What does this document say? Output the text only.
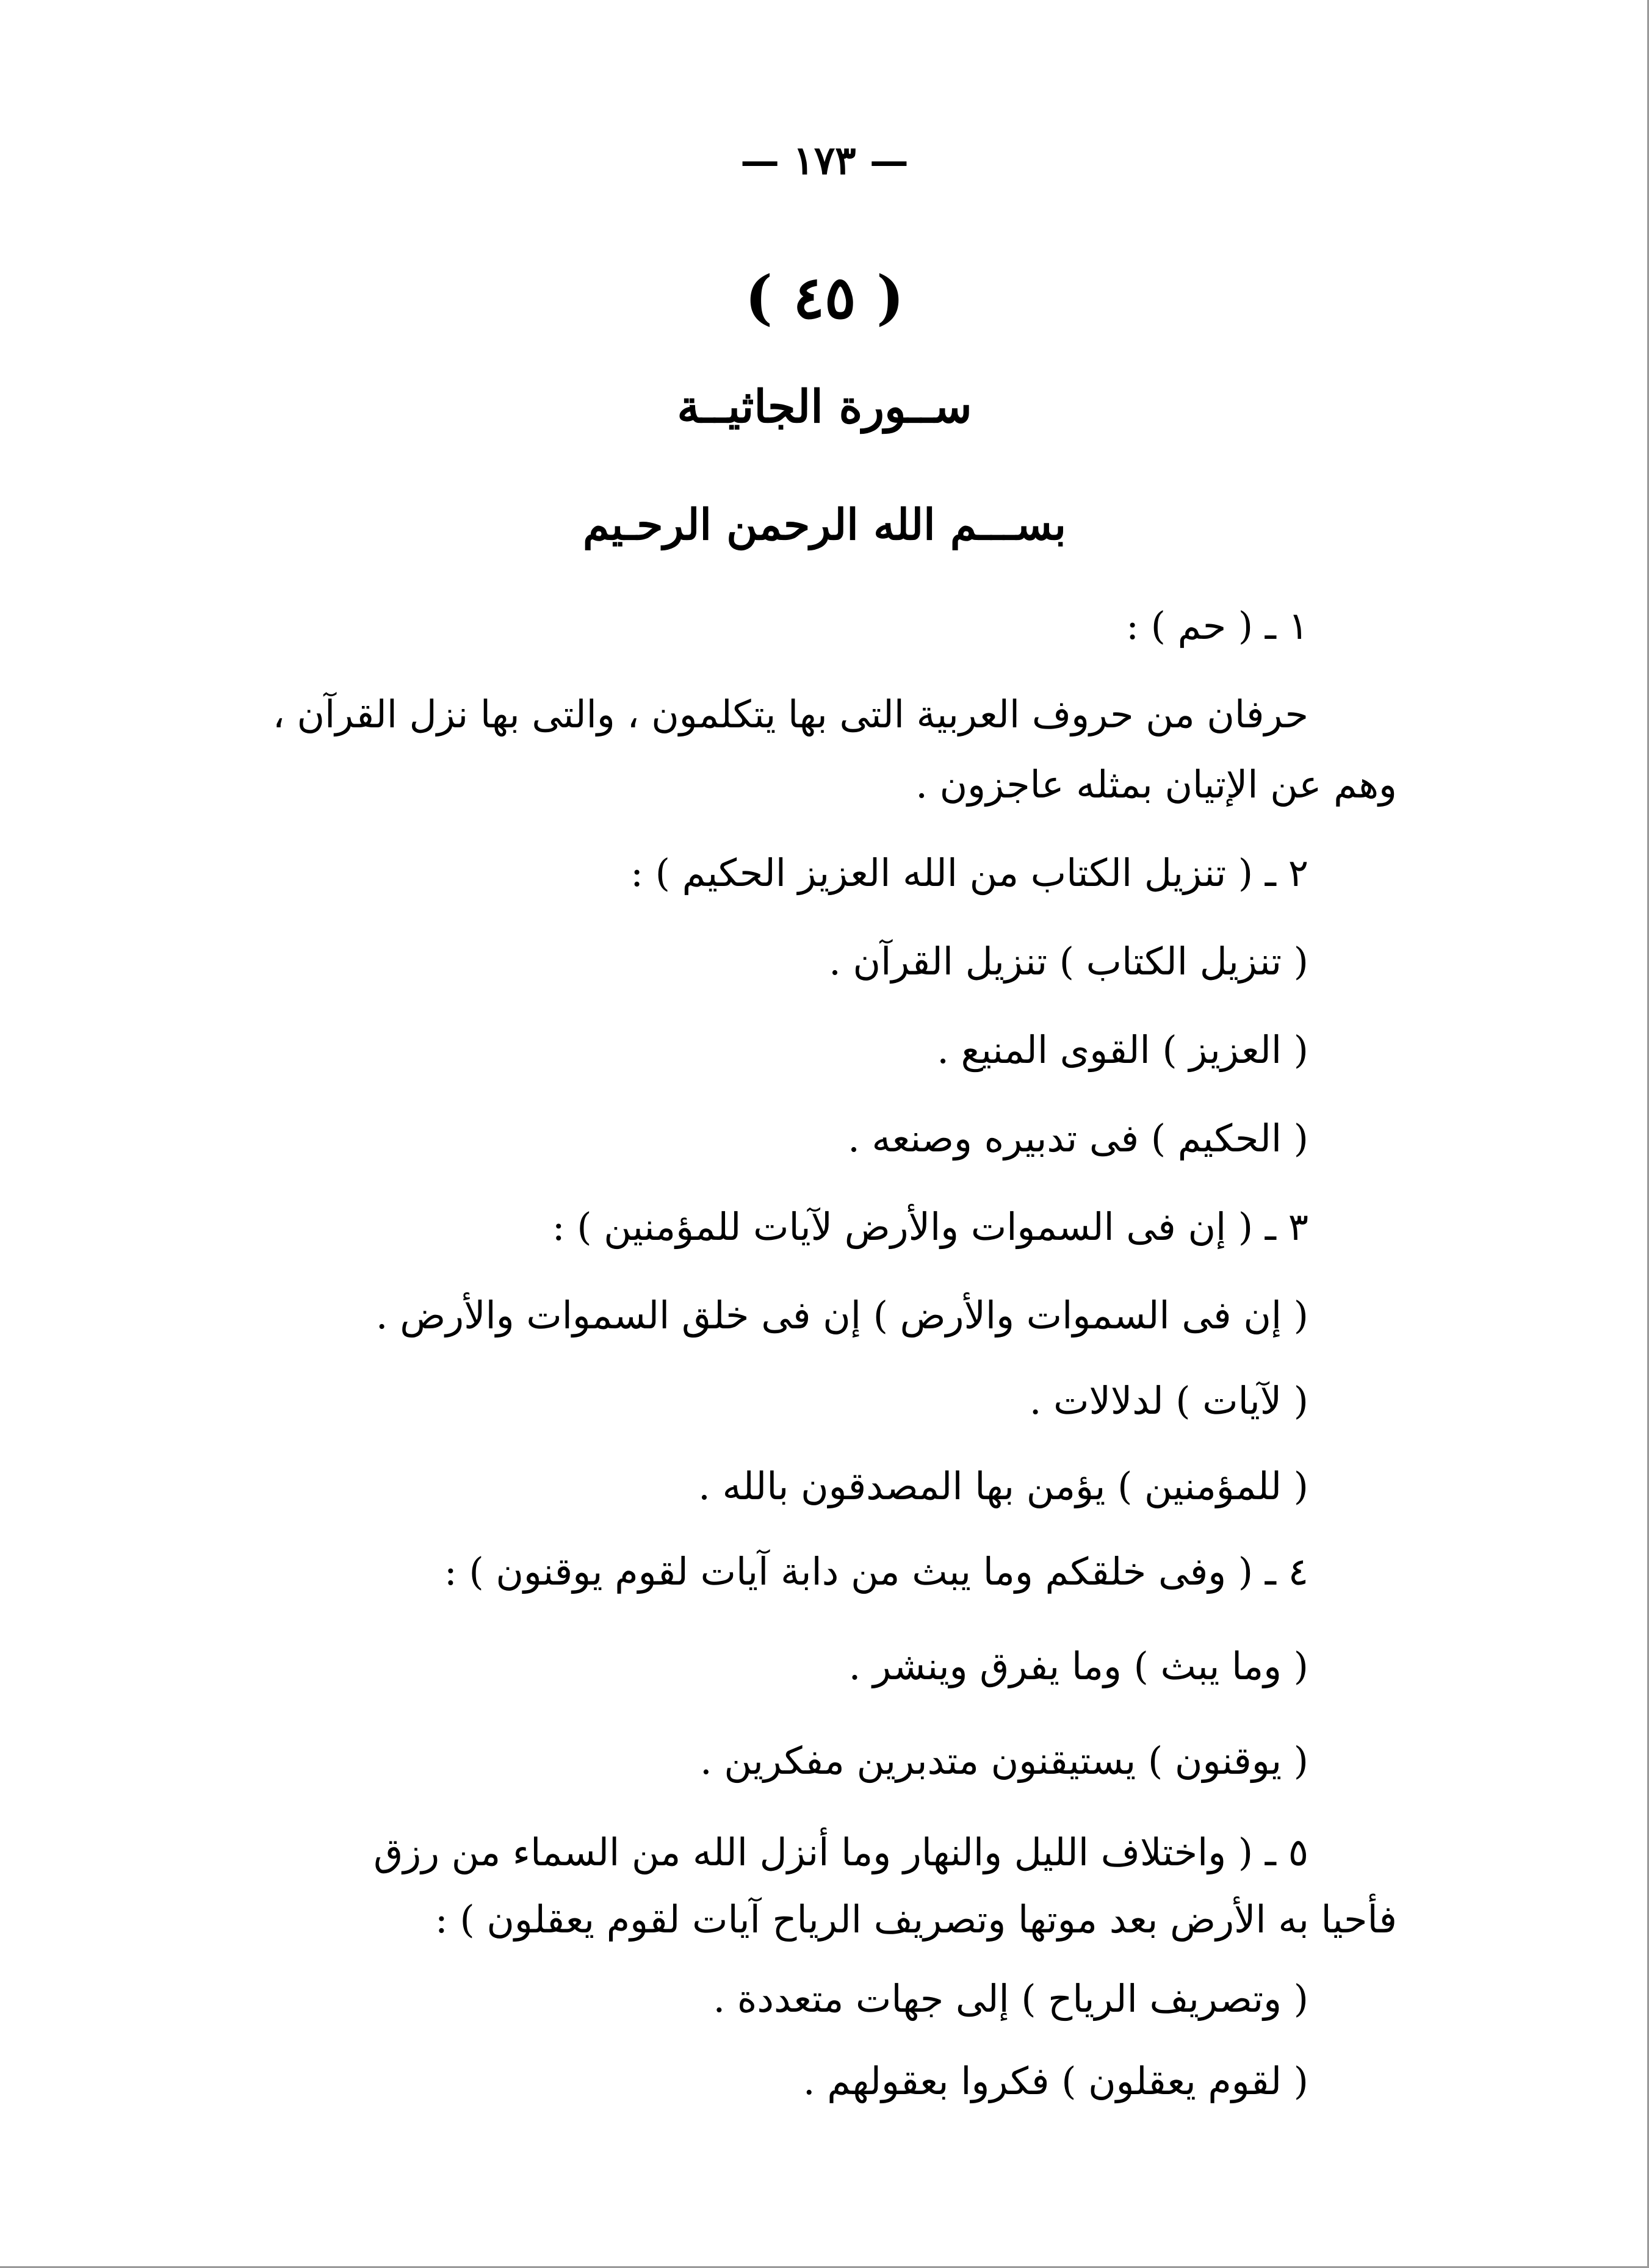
— ١٧٣ —
( ٤٥ )
ســورة الجاثيــة
بســـم الله الرحمن الرحـيم
١ ـ ( حم ) :
حرفان من حروف العربية التى بها يتكلمون ، والتى بها نزل القرآن ،
وهم عن الإتيان بمثله عاجزون .
٢ ـ ( تنزيل الكتاب من الله العزيز الحكيم ) :
( تنزيل الكتاب ) تنزيل القرآن .
( العزيز ) القوى المنيع .
( الحكيم ) فى تدبيره وصنعه .
٣ ـ ( إن فى السموات والأرض لآيات للمؤمنين ) :
( إن فى السموات والأرض ) إن فى خلق السموات والأرض .
( لآيات ) لدلالات .
( للمؤمنين ) يؤمن بها المصدقون بالله .
٤ ـ ( وفى خلقكم وما يبث من دابة آيات لقوم يوقنون ) :
( وما يبث ) وما يفرق وينشر .
( يوقنون ) يستيقنون متدبرين مفكرين .
٥ ـ ( واختلاف الليل والنهار وما أنزل الله من السماء من رزق
فأحيا به الأرض بعد موتها وتصريف الرياح آيات لقوم يعقلون ) :
( وتصريف الرياح ) إلى جهات متعددة .
( لقوم يعقلون ) فكروا بعقولهم .
